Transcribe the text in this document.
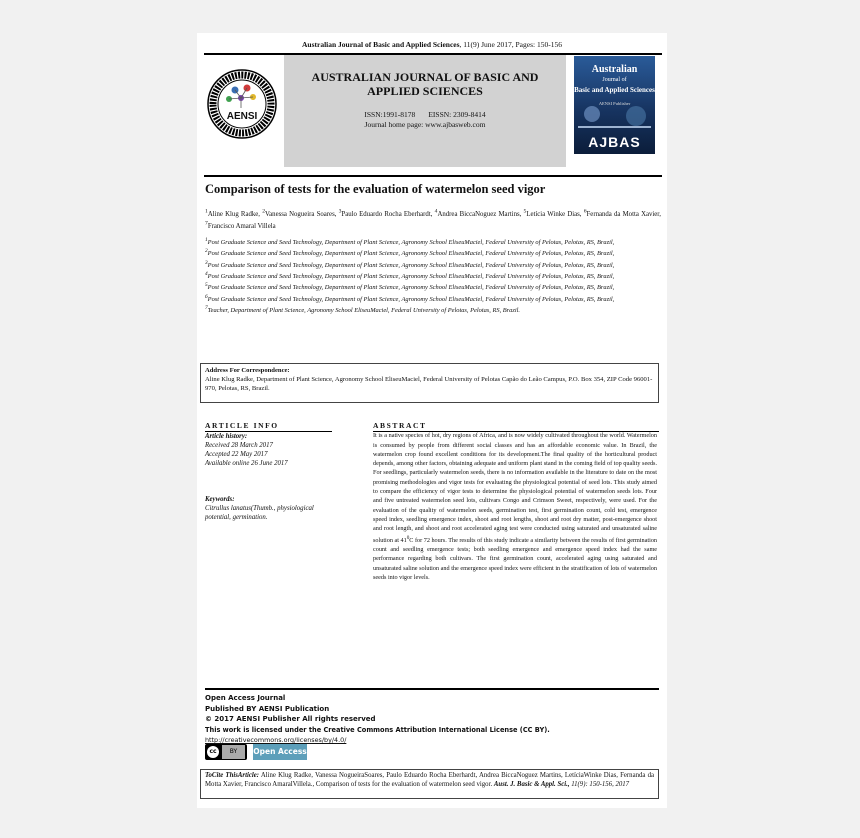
Australian Journal of Basic and Applied Sciences, 11(9) June 2017, Pages: 150-156
AENSI
AUSTRALIAN JOURNAL OF BASIC AND
APPLIED SCIENCES
ISSN:1991-8178 EISSN: 2309-8414
Journal home page: www.ajbasweb.com
Australian
Journal of
Basic and Applied Sciences
AENSI Publisher
AJBAS
Comparison of tests for the evaluation of watermelon seed vigor
$^1$Aline Klug Radke, $^2$Vanessa Nogueira Soares, $^3$Paulo Eduardo Rocha Eberhardt, $^4$Andrea BiccaNoguez Martins, $^5$Letícia Winke Dias, $^6$Fernanda da Motta Xavier, $^7$Francisco Amaral Villela
$^1$Post Graduate Science and Seed Technology, Department of Plant Science, Agronomy School EliseuMaciel, Federal University of Pelotas, Pelotas, RS, Brazil,
$^2$Post Graduate Science and Seed Technology, Department of Plant Science, Agronomy School EliseuMaciel, Federal University of Pelotas, Pelotas, RS, Brazil,
$^3$Post Graduate Science and Seed Technology, Department of Plant Science, Agronomy School EliseuMaciel, Federal University of Pelotas, Pelotas, RS, Brazil,
$^4$Post Graduate Science and Seed Technology, Department of Plant Science, Agronomy School EliseuMaciel, Federal University of Pelotas, Pelotas, RS, Brazil,
$^5$Post Graduate Science and Seed Technology, Department of Plant Science, Agronomy School EliseuMaciel, Federal University of Pelotas, Pelotas, RS, Brazil,
$^6$Post Graduate Science and Seed Technology, Department of Plant Science, Agronomy School EliseuMaciel, Federal University of Pelotas, Pelotas, RS, Brazil,
$^7$Teacher, Department of Plant Science, Agronomy School EliseuMaciel, Federal University of Pelotas, Pelotas, RS, Brazil.
Address For Correspondence:
Aline Klug Radke, Department of Plant Science, Agronomy School EliseuMaciel, Federal University of Pelotas Capão do Leão Campus, P.O. Box 354, ZIP Code 96001-970, Pelotas, RS, Brazil.
ARTICLE INFO
Article history:
Received 28 March 2017
Accepted 22 May 2017
Available online 26 June 2017
Keywords:
Citrullus lanatus(Thumb., physiological potential, germination.
ABSTRACT
It is a native species of hot, dry regions of Africa, and is now widely cultivated throughout the world. Watermelon is consumed by people from different social classes and has an affordable economic value. In Brazil, the watermelon crop found excellent conditions for its development.The final quality of the horticultural product depends, among other factors, obtaining adequate and uniform plant stand in the coming field of top quality seeds. For seedlings, particularly watermelon seeds, there is no information available in the literature to date on the most promising methodologies and vigor tests for evaluating the physiological potential of seed lots. This study aimed to compare the efficiency of vigor tests to determine the physiological potential of watermelon seeds lots. Four and five untreated watermelon seed lots, cultivars Congo and Crimson Sweet, respectively, were used. For the evaluation of the quality of watermelon seeds, germination test, first germination count, cold test, emergence speed index, seedling emergence index, shoot and root lengths, shoot and root dry matter, post-emergence shoot and root length, and shoot and root accelerated aging test were conducted using saturated and unsaturated saline solution at $41^0C$ for 72 hours. The results of this study indicate a similarity between the results of first germination count and seedling emergence tests; both seedling emergence and emergence speed index had the same performance regarding both cultivars. The first germination count, accelerated aging using saturated and unsaturated saline solution and the emergence speed index were efficient in the stratification of lots of watermelon seeds into vigor levels.
Open Access Journal
Published BY AENSI Publication
© 2017 AENSI Publisher All rights reserved
This work is licensed under the Creative Commons Attribution International License (CC BY).
http://creativecommons.org/licenses/by/4.0/
cc	BY	Open Access
ToCite ThisArticle: Aline Klug Radke, Vanessa NogueiraSoares, Paulo Eduardo Rocha Eberhardt, Andrea BiccaNoguez Martins, LetíciaWinke Dias, Fernanda da Motta Xavier, Francisco AmaralVillela., Comparison of tests for the evaluation of watermelon seed vigor. Aust. J. Basic & Appl. Sci., 11(9): 150-156, 2017
